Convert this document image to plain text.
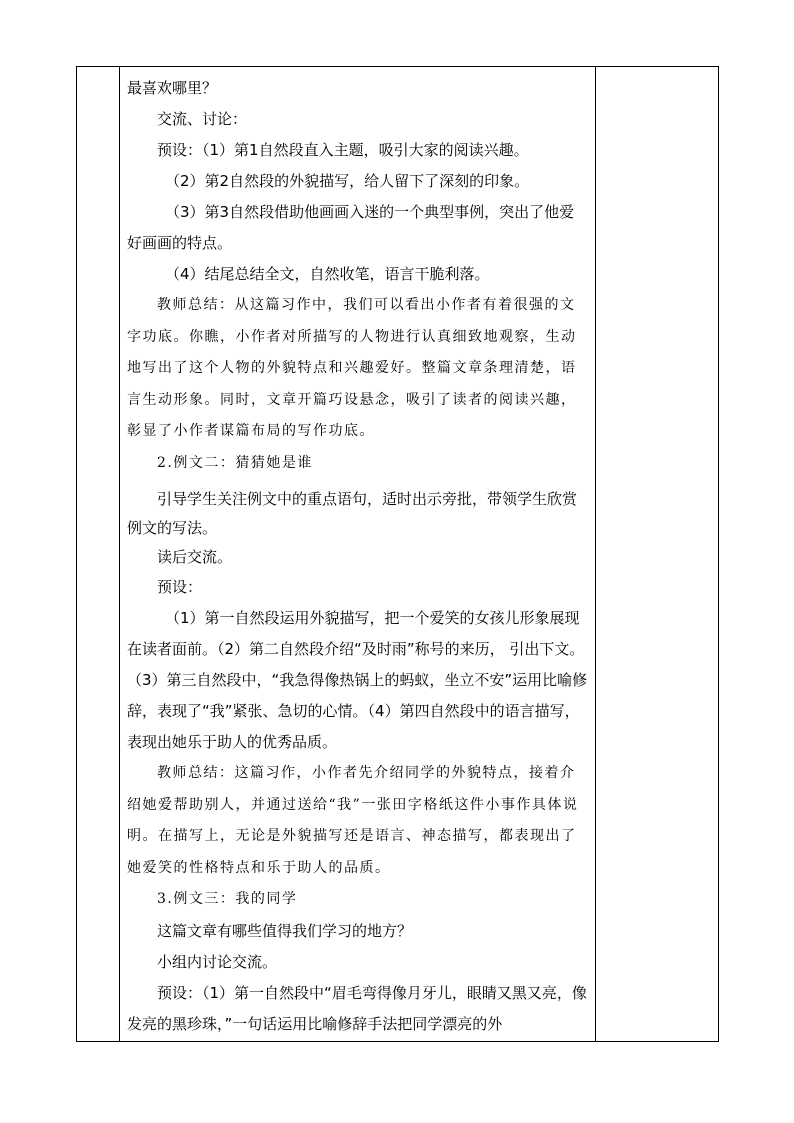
最喜欢哪里？

交流、讨论：

预设：（1）第1自然段直入主题，吸引大家的阅读兴趣。

（2）第2自然段的外貌描写，给人留下了深刻的印象。

（3）第3自然段借助他画画入迷的一个典型事例，突出了他爱好画画的特点。

（4）结尾总结全文，自然收笔，语言干脆利落。

教师总结：从这篇习作中，我们可以看出小作者有着很强的文字功底。你瞧，小作者对所描写的人物进行认真细致地观察，生动地写出了这个人物的外貌特点和兴趣爱好。整篇文章条理清楚，语言生动形象。同时，文章开篇巧设悬念，吸引了读者的阅读兴趣，彰显了小作者谋篇布局的写作功底。

2.例文二：猜猜她是谁

引导学生关注例文中的重点语句，适时出示旁批，带领学生欣赏例文的写法。

读后交流。

预设：

（1）第一自然段运用外貌描写，把一个爱笑的女孩儿形象展现在读者面前。（2）第二自然段介绍“及时雨”称号的来历， 引出下文。（3）第三自然段中，“我急得像热锅上的蚂蚁，坐立不安”运用比喻修辞，表现了“我”紧张、急切的心情。（4）第四自然段中的语言描写，表现出她乐于助人的优秀品质。

教师总结：这篇习作，小作者先介绍同学的外貌特点，接着介绍她爱帮助别人，并通过送给“我”一张田字格纸这件小事作具体说明。在描写上，无论是外貌描写还是语言、神态描写，都表现出了她爱笑的性格特点和乐于助人的品质。

3.例文三：我的同学

这篇文章有哪些值得我们学习的地方？

小组内讨论交流。

预设：（1）第一自然段中“眉毛弯得像月牙儿，眼睛又黑又亮，像发亮的黑珍珠，”一句话运用比喻修辞手法把同学漂亮的外
